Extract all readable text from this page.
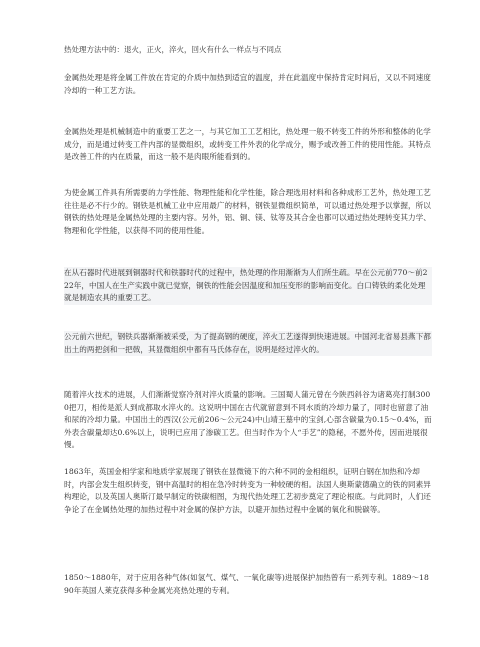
热处理方法中的：退火，正火，淬火，回火有什么一样点与不同点
金属热处理是将金属工件放在肯定的介质中加热到适宜的温度，并在此温度中保持肯定时间后，又以不同速度冷却的一种工艺方法。
金属热处理是机械制造中的重要工艺之一，与其它加工工艺相比，热处理一般不转变工件的外形和整体的化学成分，而是通过转变工件内部的显微组织，或转变工件外表的化学成分，赐予或改善工件的使用性能。其特点是改善工件的内在质量，而这一般不是肉眼所能看到的。
为使金属工件具有所需要的力学性能、物理性能和化学性能，除合理选用材料和各种成形工艺外，热处理工艺往往是必不行少的。钢铁是机械工业中应用最广的材料，钢铁显微组织简单，可以通过热处理予以掌握，所以钢铁的热处理是金属热处理的主要内容。另外，铝、铜、镁、钛等及其合金也都可以通过热处理转变其力学、物理和化学性能，以获得不同的使用性能。
在从石器时代进展到铜器时代和铁器时代的过程中，热处理的作用渐渐为人们所生疏。早在公元前770～前222年，中国人在生产实践中就已觉察，铜铁的性能会因温度和加压变形的影响而变化。白口铸铁的柔化处理就是制造农具的重要工艺。
公元前六世纪，钢铁兵器渐渐被采受，为了提高钢的硬度，淬火工艺遂得到快速进展。中国河北省易县燕下都出土的两把剑和一把戟，其显微组织中都有马氏体存在，说明是经过淬火的。
随着淬火技术的进展，人们渐渐觉察冷剂对淬火质量的影响。三国蜀人蒲元曾在今陕西斜谷为诸葛亮打制3000把刀，相传是派人到成都取水淬火的。这说明中国在古代就留意到不同水质的冷却力量了，同时也留意了油和尿的冷却力量。中国出土的西汉(公元前206～公元24)中山靖王墓中的宝剑,心部含碳量为0.15～0.4%，而外表含碳量却达0.6%以上，说明已应用了渗碳工艺。但当时作为个人“手艺”的隐秘，不愿外传，因而进展很慢。
1863年，英国金相学家和地质学家展现了钢铁在显微镜下的六种不同的金相组织，证明白钢在加热和冷却时，内部会发生组织转变，钢中高温时的相在急冷时转变为一种较硬的相。法国人奥斯蒙德确立的铁的同素异构理论，以及英国人奥斯汀最早制定的铁碳相图，为现代热处理工艺初步奠定了理论根底。与此同时，人们还争论了在金属热处理的加热过程中对金属的保护方法，以避开加热过程中金属的氧化和脱碳等。
1850～1880年，对于应用各种气体(如氢气、煤气、一氧化碳等)进展保护加热曾有一系列专利。1889～1890年英国人莱克获得多种金属光亮热处理的专利。
